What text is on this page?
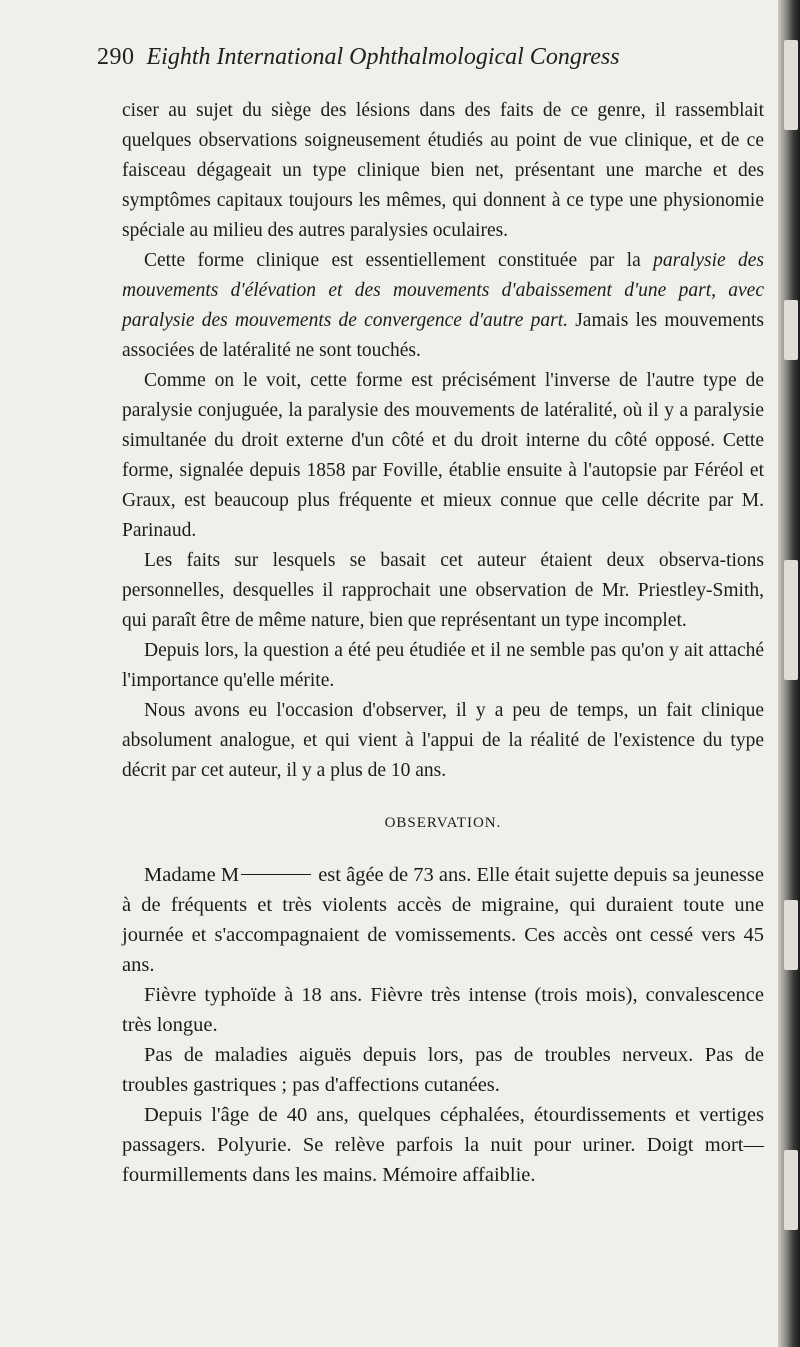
290 Eighth International Ophthalmological Congress

ciser au sujet du siège des lésions dans des faits de ce genre, il rassemblait quelques observations soigneusement étudiés au point de vue clinique, et de ce faisceau dégageait un type clinique bien net, présentant une marche et des symptômes capitaux toujours les mêmes, qui donnent à ce type une physionomie spéciale au milieu des autres paralysies oculaires.

Cette forme clinique est essentiellement constituée par la paralysie des mouvements d'élévation et des mouvements d'abaissement d'une part, avec paralysie des mouvements de convergence d'autre part. Jamais les mouvements associées de latéralité ne sont touchés.

Comme on le voit, cette forme est précisément l'inverse de l'autre type de paralysie conjuguée, la paralysie des mouvements de latéralité, où il y a paralysie simultanée du droit externe d'un côté et du droit interne du côté opposé. Cette forme, signalée depuis 1858 par Foville, établie ensuite à l'autopsie par Féréol et Graux, est beaucoup plus fréquente et mieux connue que celle décrite par M. Parinaud.

Les faits sur lesquels se basait cet auteur étaient deux observa-tions personnelles, desquelles il rapprochait une observation de Mr. Priestley-Smith, qui paraît être de même nature, bien que représentant un type incomplet.

Depuis lors, la question a été peu étudiée et il ne semble pas qu'on y ait attaché l'importance qu'elle mérite.

Nous avons eu l'occasion d'observer, il y a peu de temps, un fait clinique absolument analogue, et qui vient à l'appui de la réalité de l'existence du type décrit par cet auteur, il y a plus de 10 ans.

OBSERVATION.

Madame M	est âgée de 73 ans. Elle était sujette depuis sa jeunesse à de fréquents et très violents accès de migraine, qui duraient toute une journée et s'accompagnaient de vomissements. Ces accès ont cessé vers 45 ans.

Fièvre typhoïde à 18 ans. Fièvre très intense (trois mois), convalescence très longue.

Pas de maladies aiguës depuis lors, pas de troubles nerveux. Pas de troubles gastriques ; pas d'affections cutanées.

Depuis l'âge de 40 ans, quelques céphalées, étourdissements et vertiges passagers. Polyurie. Se relève parfois la nuit pour uriner. Doigt mort—fourmillements dans les mains. Mémoire affaiblie.
